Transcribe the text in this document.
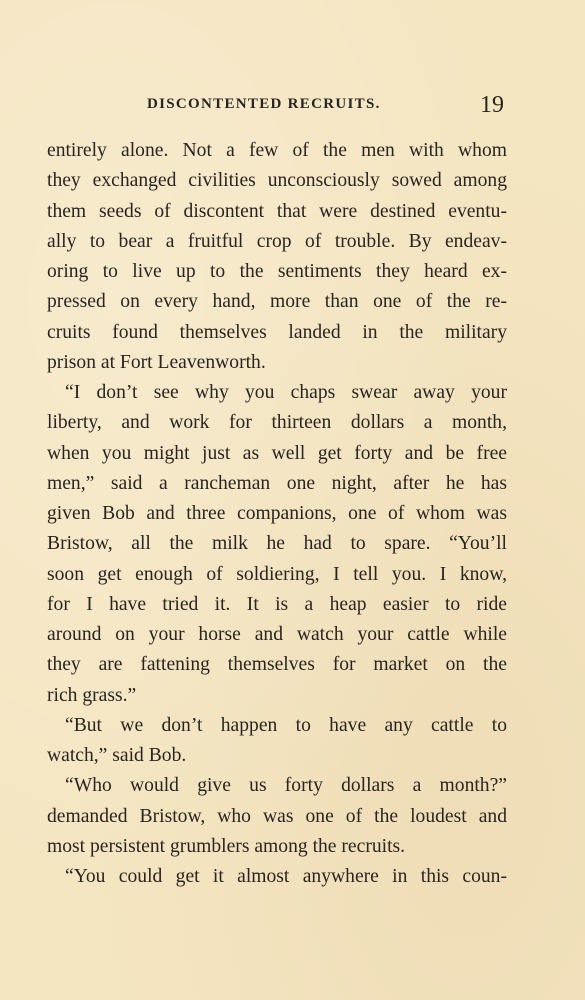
DISCONTENTED RECRUITS.	19
entirely alone. Not a few of the men with whom
they exchanged civilities unconsciously sowed among
them seeds of discontent that were destined eventu-
ally to bear a fruitful crop of trouble. By endeav-
oring to live up to the sentiments they heard ex-
pressed on every hand, more than one of the re-
cruits found themselves landed in the military
prison at Fort Leavenworth.
“I don’t see why you chaps swear away your
liberty, and work for thirteen dollars a month,
when you might just as well get forty and be free
men,” said a rancheman one night, after he has
given Bob and three companions, one of whom was
Bristow, all the milk he had to spare. “You’ll
soon get enough of soldiering, I tell you. I know,
for I have tried it. It is a heap easier to ride
around on your horse and watch your cattle while
they are fattening themselves for market on the
rich grass.”
“But we don’t happen to have any cattle to
watch,” said Bob.
“Who would give us forty dollars a month?”
demanded Bristow, who was one of the loudest and
most persistent grumblers among the recruits.
“You could get it almost anywhere in this coun-
